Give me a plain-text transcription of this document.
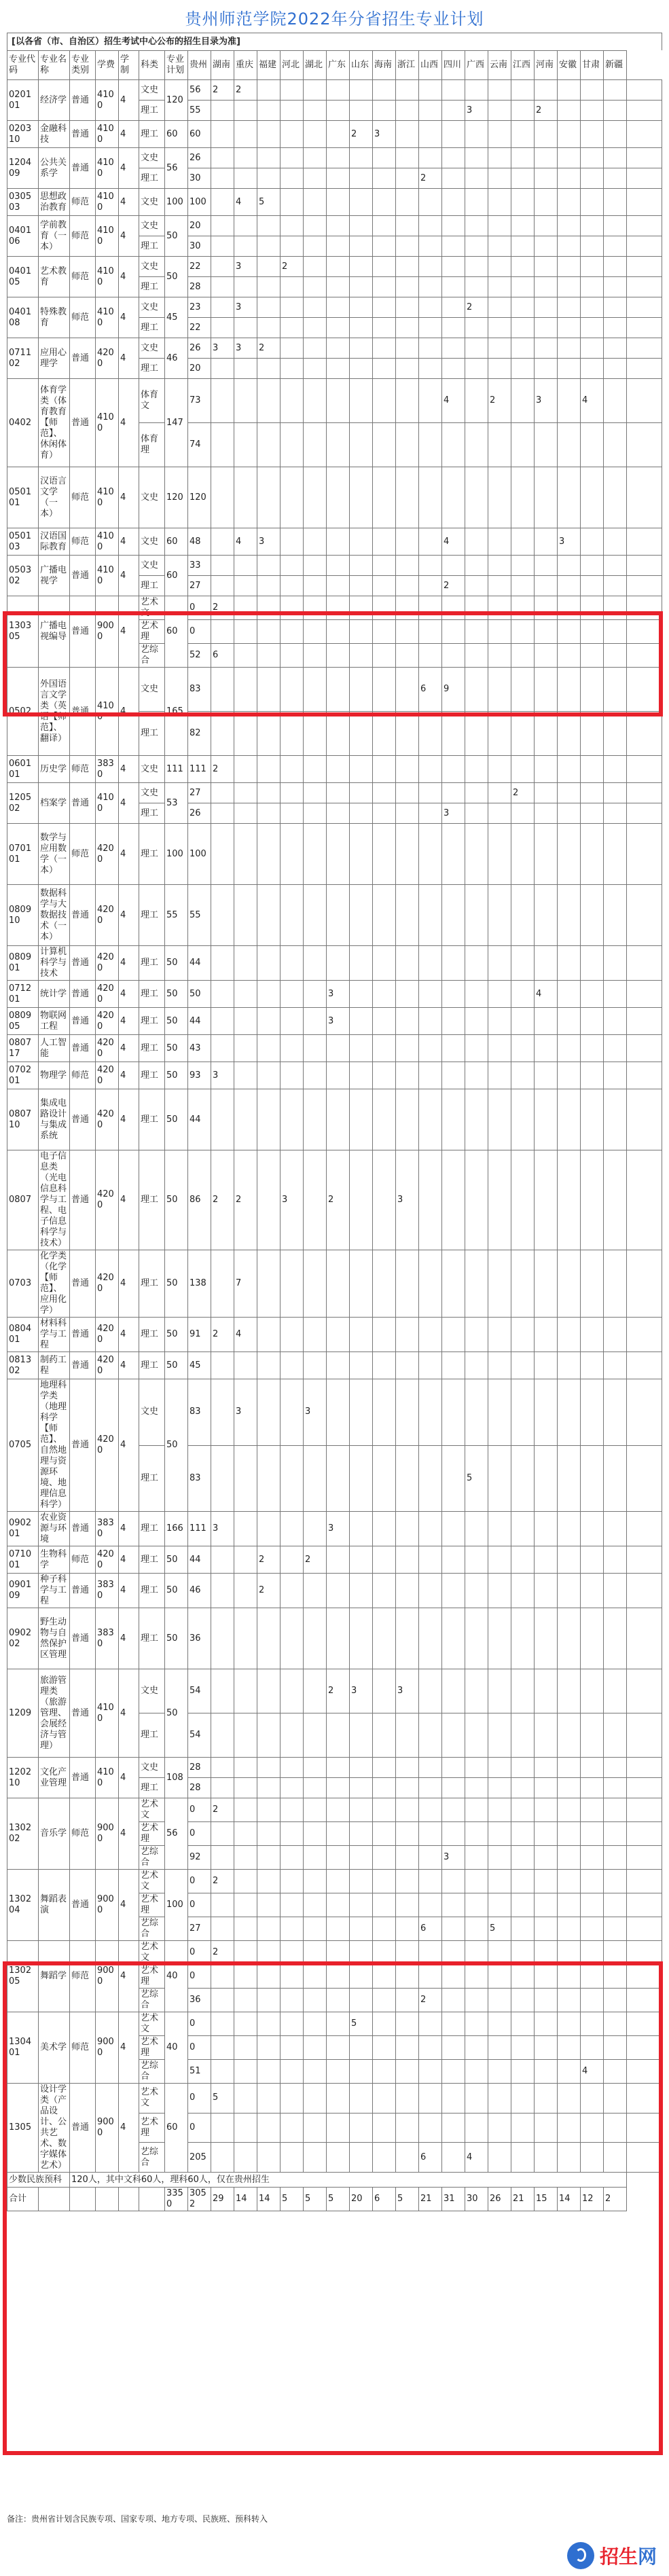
贵州师范学院2022年分省招生专业计划
[以各省（市、自治区）招生考试中心公布的招生目录为准]
专业代码	专业名称	专业类别	学费	学制	科类	专业计划	贵州	湖南	重庆	福建	河北	湖北	广东	山东	海南	浙江	山西	四川	广西	云南	江西	河南	安徽	甘肃	新疆	
020101	经济学	普通	4100	4	文史	120	56	2	2																	
					理工		55												3			2				
020310	金融科技	普通	4100	4	理工	60	60							2	3											
120409	公共关系学	普通	4100	4	文史	56	26																			
					理工		30										2									
030503	思想政治教育	师范	4100	4	文史	100	100		4	5																
040106	学前教育（一本）	师范	4100	4	文史	50	20																			
					理工		30																			
040105	艺术教育	师范	4100	4	文史	50	22		3		2															
					理工		28																			
040108	特殊教育	师范	4100	4	文史	45	23		3										2							
					理工		22																			
071102	应用心理学	普通	4200	4	文史	46	26	3	3	2																
					理工		20																			
0402	体育学类（体育教育【师范】、休闲体育）	普通	4100	4	体育文	147	73											4		2		3		4		
					体育理		74																			
050101	汉语言文学（一本）	师范	4100	4	文史	120	120																			
050103	汉语国际教育	师范	4100	4	文史	60	48		4	3								4					3			
050302	广播电视学	普通	4100	4	文史	60	33																			
					理工		27											2								
130305	广播电视编导	普通	9000	4	艺术文	60	0	2																		
					艺术理		0																			
					艺综合		52	6																		
0502	外国语言文学类（英语【师范】、翻译）	普通	4100	4	文史	165	83										6	9								
					理工		82																			
060101	历史学	师范	3830	4	文史	111	111	2																		
120502	档案学	普通	4100	4	文史	53	27														2					
					理工		26											3								
070101	数学与应用数学（一本）	师范	4200	4	理工	100	100																			
080910	数据科学与大数据技术（一本）	普通	4200	4	理工	55	55																			
080901	计算机科学与技术	普通	4200	4	理工	50	44																			
071201	统计学	普通	4200	4	理工	50	50						3									4				
080905	物联网工程	普通	4200	4	理工	50	44						3													
080717	人工智能	普通	4200	4	理工	50	43																			
070201	物理学	师范	4200	4	理工	50	93	3																		
080710	集成电路设计与集成系统	普通	4200	4	理工	50	44																			
0807	电子信息类（光电信息科学与工程、电子信息科学与技术）	普通	4200	4	理工	50	86	2	2		3		2			3										
0703	化学类（化学【师范】、应用化学）	普通	4200	4	理工	50	138		7																	
080401	材料科学与工程	普通	4200	4	理工	50	91	2	4																	
081302	制药工程	普通	4200	4	理工	50	45																			
0705	地理科学类（地理科学【师范】、自然地理与资源环境、地理信息科学）	普通	4200	4	文史	50	83		3			3														
					理工		83												5							
090201	农业资源与环境	普通	3830	4	理工	166	111	3					3													
071001	生物科学	师范	4200	4	理工	50	44			2		2														
090109	种子科学与工程	普通	3830	4	理工	50	46			2																
090202	野生动物与自然保护区管理	普通	3830	4	理工	50	36																			
1209	旅游管理类（旅游管理、会展经济与管理）	普通	4100	4	文史	50	54						2	3		3										
					理工		54																			
120210	文化产业管理	普通	4100	4	文史	108	28																			
					理工		28																			
130202	音乐学	师范	9000	4	艺术文	56	0	2																		
					艺术理		0																			
					艺综合		92											3								
130204	舞蹈表演	普通	9000	4	艺术文	100	0	2																		
					艺术理		0																			
					艺综合		27										6			5						
130205	舞蹈学	师范	9000	4	艺术文	40	0	2																		
					艺术理		0																			
					艺综合		36										2									
130401	美术学	师范	9000	4	艺术文	40	0							5												
					艺术理		0																			
					艺综合		51																	4		
1305	设计学类（产品设计、公共艺术、数字媒体艺术）	普通	9000	4	艺术文	60	0	5																		
					艺术理		0																			
					艺综合		205										6		4							
少数民族预科		120人，其中文科60人，理科60人，仅在贵州招生																								
合计						3350	3052	29	14	14	5	5	5	20	6	5	21	31	30	26	21	15	14	12	2	
备注：贵州省计划含民族专项、国家专项、地方专项、民族班、预科转入
招生网
